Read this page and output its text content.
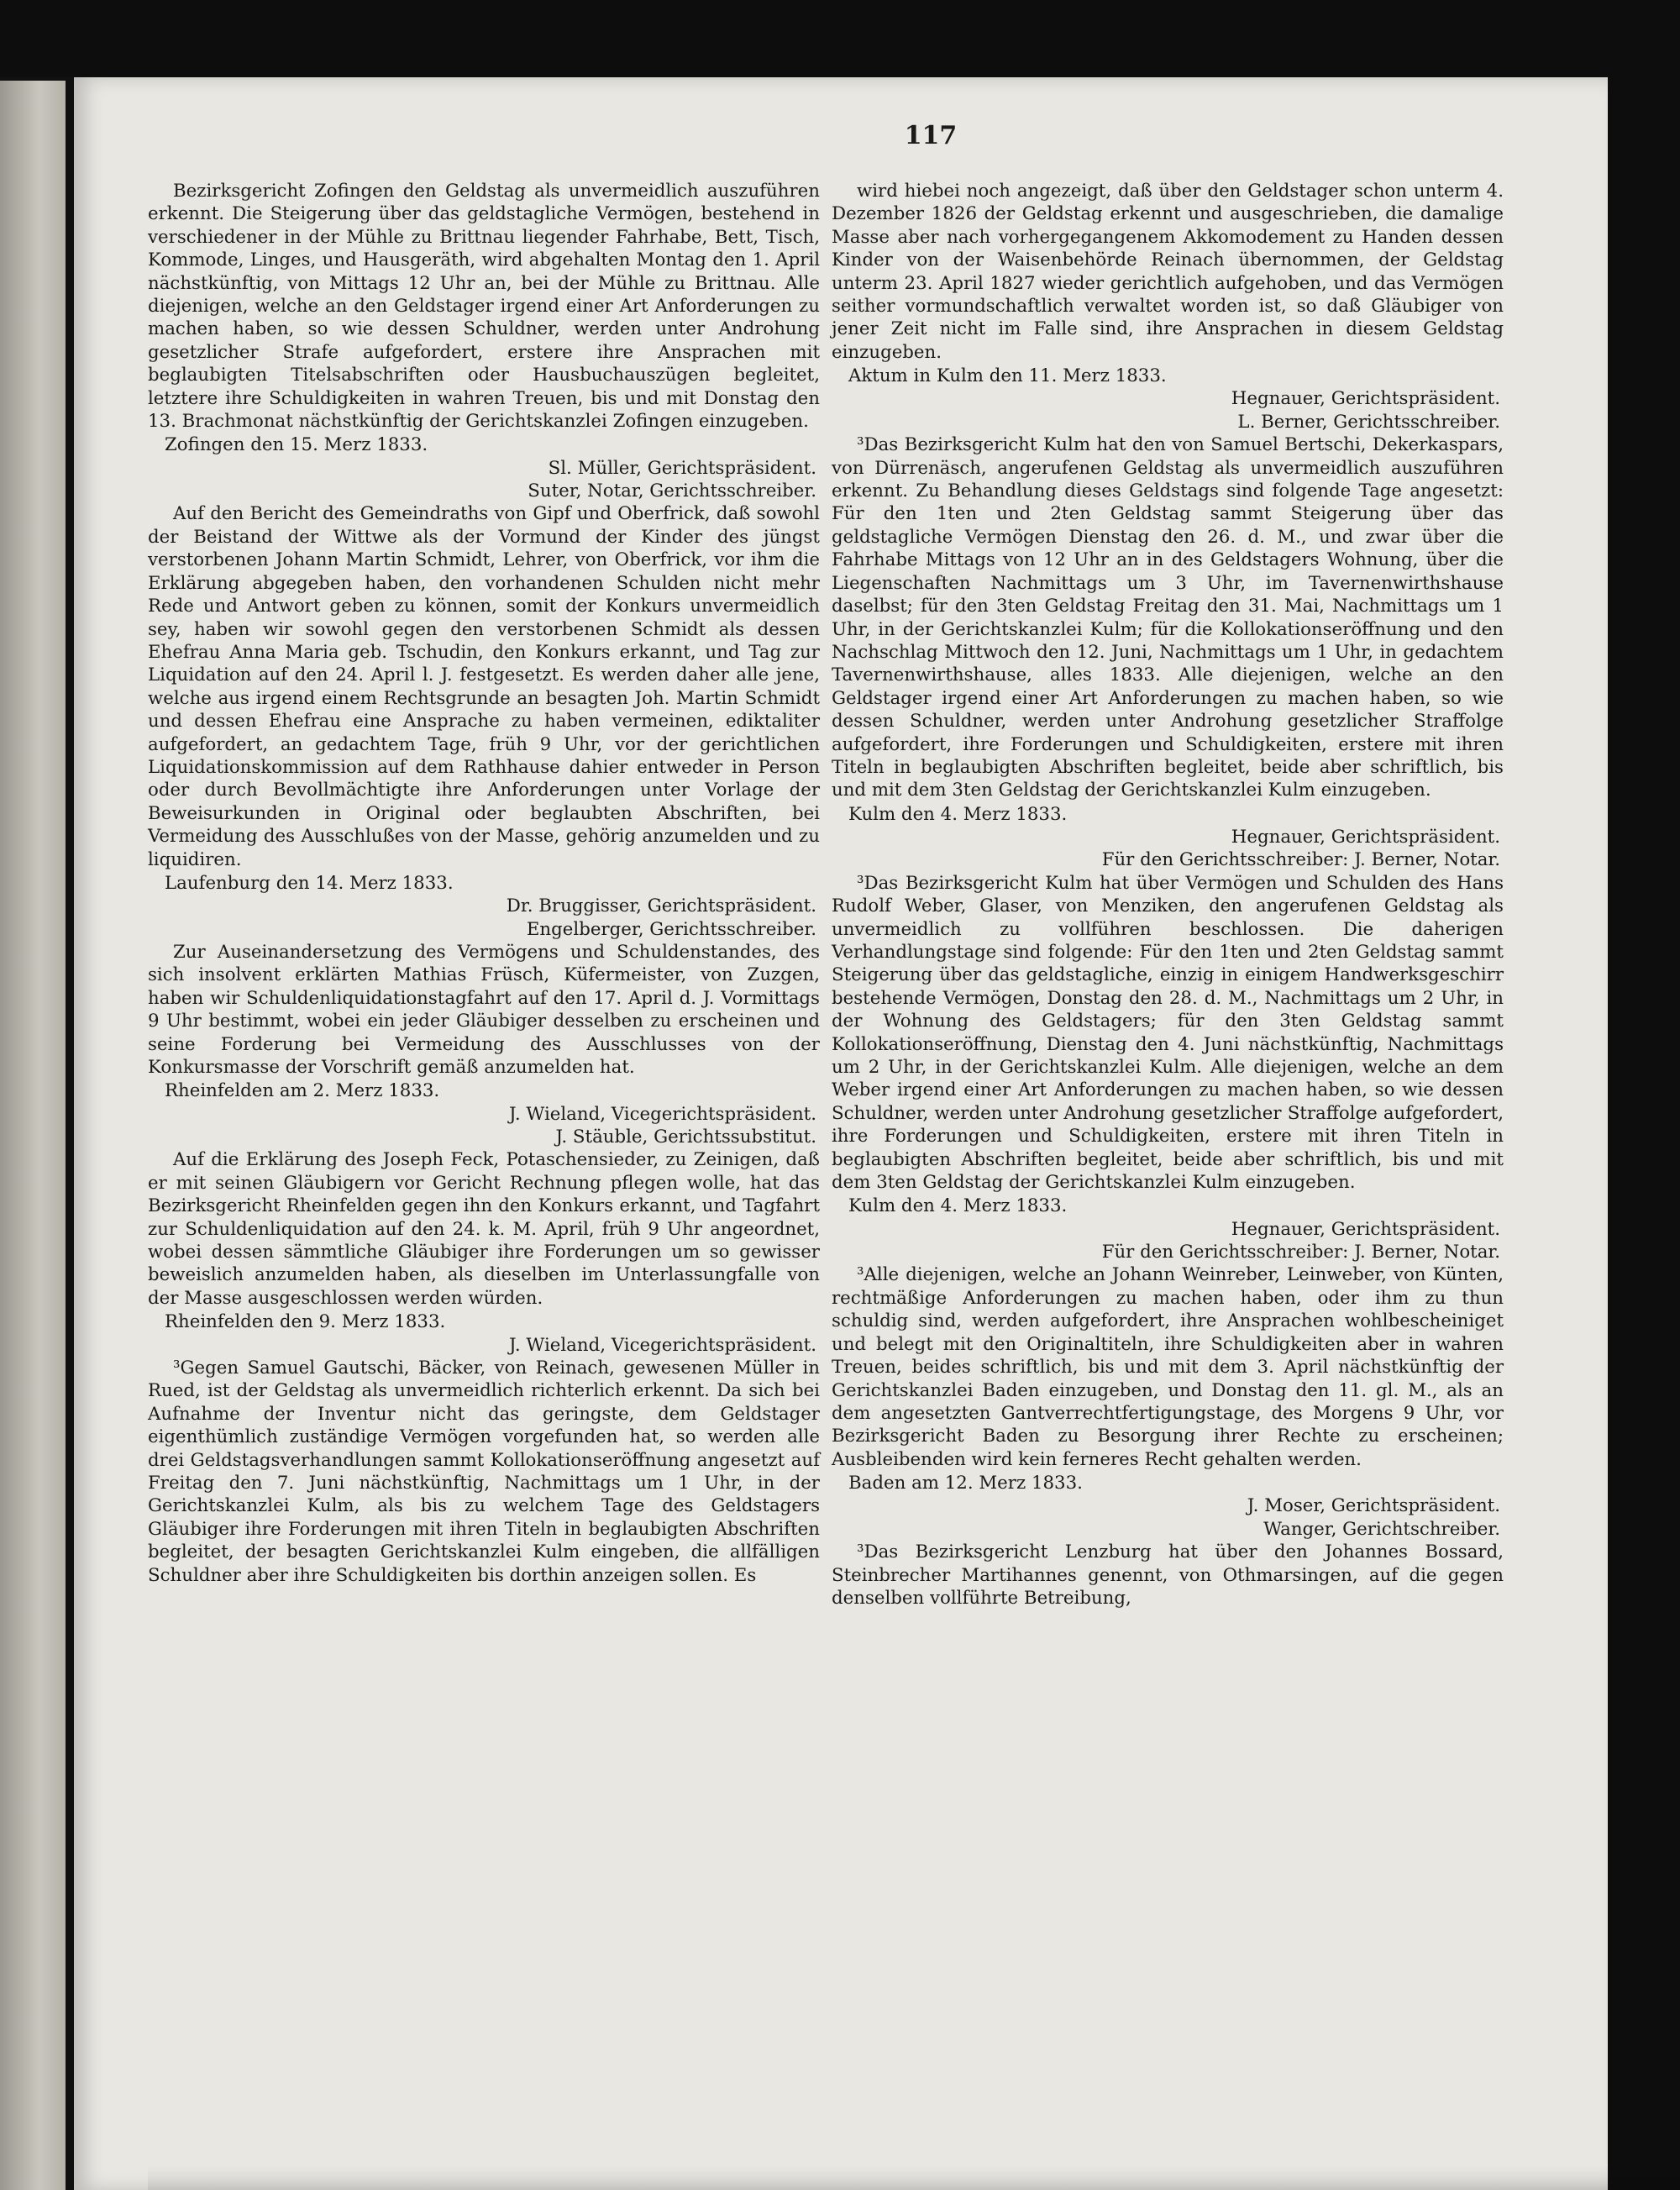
117
Bezirksgericht Zofingen den Geldstag als unvermeidlich auszuführen erkennt. Die Steigerung über das geldstagliche Vermögen, bestehend in verschiedener in der Mühle zu Brittnau liegender Fahrhabe, Bett, Tisch, Kommode, Linges, und Hausgeräth, wird abgehalten Montag den 1. April nächstkünftig, von Mittags 12 Uhr an, bei der Mühle zu Brittnau. Alle diejenigen, welche an den Geldstager irgend einer Art Anforderungen zu machen haben, so wie dessen Schuldner, werden unter Androhung gesetzlicher Strafe aufgefordert, erstere ihre Ansprachen mit beglaubigten Titelsabschriften oder Hausbuchauszügen begleitet, letztere ihre Schuldigkeiten in wahren Treuen, bis und mit Donstag den 13. Brachmonat nächstkünftig der Gerichtskanzlei Zofingen einzugeben.
Zofingen den 15. Merz 1833.
Sl. Müller, Gerichtspräsident.
Suter, Notar, Gerichtsschreiber.
Auf den Bericht des Gemeindraths von Gipf und Oberfrick, daß sowohl der Beistand der Wittwe als der Vormund der Kinder des jüngst verstorbenen Johann Martin Schmidt, Lehrer, von Oberfrick, vor ihm die Erklärung abgegeben haben, den vorhandenen Schulden nicht mehr Rede und Antwort geben zu können, somit der Konkurs unvermeidlich sey, haben wir sowohl gegen den verstorbenen Schmidt als dessen Ehefrau Anna Maria geb. Tschudin, den Konkurs erkannt, und Tag zur Liquidation auf den 24. April l. J. festgesetzt. Es werden daher alle jene, welche aus irgend einem Rechtsgrunde an besagten Joh. Martin Schmidt und dessen Ehefrau eine Ansprache zu haben vermeinen, ediktaliter aufgefordert, an gedachtem Tage, früh 9 Uhr, vor der gerichtlichen Liquidationskommission auf dem Rathhause dahier entweder in Person oder durch Bevollmächtigte ihre Anforderungen unter Vorlage der Beweisurkunden in Original oder beglaubten Abschriften, bei Vermeidung des Ausschlußes von der Masse, gehörig anzumelden und zu liquidiren.
Laufenburg den 14. Merz 1833.
Dr. Bruggisser, Gerichtspräsident.
Engelberger, Gerichtsschreiber.
Zur Auseinandersetzung des Vermögens und Schuldenstandes, des sich insolvent erklärten Mathias Früsch, Küfermeister, von Zuzgen, haben wir Schuldenliquidationstagfahrt auf den 17. April d. J. Vormittags 9 Uhr bestimmt, wobei ein jeder Gläubiger desselben zu erscheinen und seine Forderung bei Vermeidung des Ausschlusses von der Konkursmasse der Vorschrift gemäß anzumelden hat.
Rheinfelden am 2. Merz 1833.
J. Wieland, Vicegerichtspräsident.
J. Stäuble, Gerichtssubstitut.
Auf die Erklärung des Joseph Feck, Potaschensieder, zu Zeinigen, daß er mit seinen Gläubigern vor Gericht Rechnung pflegen wolle, hat das Bezirksgericht Rheinfelden gegen ihn den Konkurs erkannt, und Tagfahrt zur Schuldenliquidation auf den 24. k. M. April, früh 9 Uhr angeordnet, wobei dessen sämmtliche Gläubiger ihre Forderungen um so gewisser beweislich anzumelden haben, als dieselben im Unterlassungfalle von der Masse ausgeschlossen werden würden.
Rheinfelden den 9. Merz 1833.
J. Wieland, Vicegerichtspräsident.
³Gegen Samuel Gautschi, Bäcker, von Reinach, gewesenen Müller in Rued, ist der Geldstag als unvermeidlich richterlich erkennt. Da sich bei Aufnahme der Inventur nicht das geringste, dem Geldstager eigenthümlich zuständige Vermögen vorgefunden hat, so werden alle drei Geldstagsverhandlungen sammt Kollokationseröffnung angesetzt auf Freitag den 7. Juni nächstkünftig, Nachmittags um 1 Uhr, in der Gerichtskanzlei Kulm, als bis zu welchem Tage des Geldstagers Gläubiger ihre Forderungen mit ihren Titeln in beglaubigten Abschriften begleitet, der besagten Gerichtskanzlei Kulm eingeben, die allfälligen Schuldner aber ihre Schuldigkeiten bis dorthin anzeigen sollen. Es
wird hiebei noch angezeigt, daß über den Geldstager schon unterm 4. Dezember 1826 der Geldstag erkennt und ausgeschrieben, die damalige Masse aber nach vorhergegangenem Akkomodement zu Handen dessen Kinder von der Waisenbehörde Reinach übernommen, der Geldstag unterm 23. April 1827 wieder gerichtlich aufgehoben, und das Vermögen seither vormundschaftlich verwaltet worden ist, so daß Gläubiger von jener Zeit nicht im Falle sind, ihre Ansprachen in diesem Geldstag einzugeben.
Aktum in Kulm den 11. Merz 1833.
Hegnauer, Gerichtspräsident.
L. Berner, Gerichtsschreiber.
³Das Bezirksgericht Kulm hat den von Samuel Bertschi, Dekerkaspars, von Dürrenäsch, angerufenen Geldstag als unvermeidlich auszuführen erkennt. Zu Behandlung dieses Geldstags sind folgende Tage angesetzt: Für den 1ten und 2ten Geldstag sammt Steigerung über das geldstagliche Vermögen Dienstag den 26. d. M., und zwar über die Fahrhabe Mittags von 12 Uhr an in des Geldstagers Wohnung, über die Liegenschaften Nachmittags um 3 Uhr, im Tavernenwirthshause daselbst; für den 3ten Geldstag Freitag den 31. Mai, Nachmittags um 1 Uhr, in der Gerichtskanzlei Kulm; für die Kollokationseröffnung und den Nachschlag Mittwoch den 12. Juni, Nachmittags um 1 Uhr, in gedachtem Tavernenwirthshause, alles 1833. Alle diejenigen, welche an den Geldstager irgend einer Art Anforderungen zu machen haben, so wie dessen Schuldner, werden unter Androhung gesetzlicher Straffolge aufgefordert, ihre Forderungen und Schuldigkeiten, erstere mit ihren Titeln in beglaubigten Abschriften begleitet, beide aber schriftlich, bis und mit dem 3ten Geldstag der Gerichtskanzlei Kulm einzugeben.
Kulm den 4. Merz 1833.
Hegnauer, Gerichtspräsident.
Für den Gerichtsschreiber: J. Berner, Notar.
³Das Bezirksgericht Kulm hat über Vermögen und Schulden des Hans Rudolf Weber, Glaser, von Menziken, den angerufenen Geldstag als unvermeidlich zu vollführen beschlossen. Die daherigen Verhandlungstage sind folgende: Für den 1ten und 2ten Geldstag sammt Steigerung über das geldstagliche, einzig in einigem Handwerksgeschirr bestehende Vermögen, Donstag den 28. d. M., Nachmittags um 2 Uhr, in der Wohnung des Geldstagers; für den 3ten Geldstag sammt Kollokationseröffnung, Dienstag den 4. Juni nächstkünftig, Nachmittags um 2 Uhr, in der Gerichtskanzlei Kulm. Alle diejenigen, welche an dem Weber irgend einer Art Anforderungen zu machen haben, so wie dessen Schuldner, werden unter Androhung gesetzlicher Straffolge aufgefordert, ihre Forderungen und Schuldigkeiten, erstere mit ihren Titeln in beglaubigten Abschriften begleitet, beide aber schriftlich, bis und mit dem 3ten Geldstag der Gerichtskanzlei Kulm einzugeben.
Kulm den 4. Merz 1833.
Hegnauer, Gerichtspräsident.
Für den Gerichtsschreiber: J. Berner, Notar.
³Alle diejenigen, welche an Johann Weinreber, Leinweber, von Künten, rechtmäßige Anforderungen zu machen haben, oder ihm zu thun schuldig sind, werden aufgefordert, ihre Ansprachen wohlbescheiniget und belegt mit den Originaltiteln, ihre Schuldigkeiten aber in wahren Treuen, beides schriftlich, bis und mit dem 3. April nächstkünftig der Gerichtskanzlei Baden einzugeben, und Donstag den 11. gl. M., als an dem angesetzten Gantverrechtfertigungstage, des Morgens 9 Uhr, vor Bezirksgericht Baden zu Besorgung ihrer Rechte zu erscheinen; Ausbleibenden wird kein ferneres Recht gehalten werden.
Baden am 12. Merz 1833.
J. Moser, Gerichtspräsident.
Wanger, Gerichtschreiber.
³Das Bezirksgericht Lenzburg hat über den Johannes Bossard, Steinbrecher Martihannes genennt, von Othmarsingen, auf die gegen denselben vollführte Betreibung,
